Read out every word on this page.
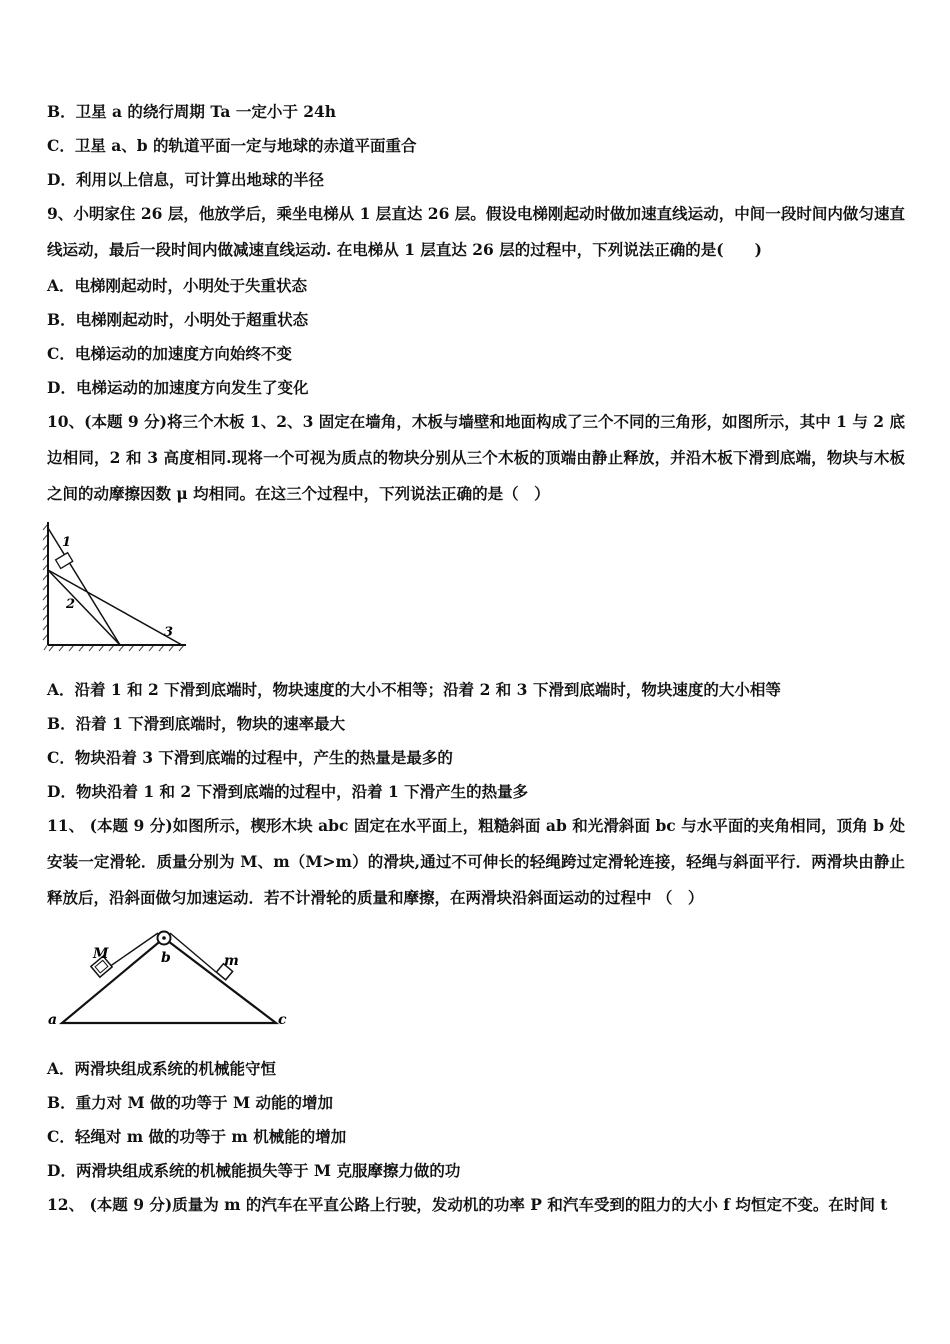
B．卫星 a 的绕行周期 Ta 一定小于 24h
C．卫星 a、b 的轨道平面一定与地球的赤道平面重合
D．利用以上信息，可计算出地球的半径
9、小明家住 26 层，他放学后，乘坐电梯从 1 层直达 26 层。假设电梯刚起动时做加速直线运动，中间一段时间内做匀速直线运动，最后一段时间内做减速直线运动. 在电梯从 1 层直达 26 层的过程中，下列说法正确的是(　　)
A．电梯刚起动时，小明处于失重状态
B．电梯刚起动时，小明处于超重状态
C．电梯运动的加速度方向始终不变
D．电梯运动的加速度方向发生了变化
10、(本题 9 分)将三个木板 1、2、3 固定在墙角，木板与墙壁和地面构成了三个不同的三角形，如图所示，其中 1 与 2 底边相同，2 和 3 高度相同.现将一个可视为质点的物块分别从三个木板的顶端由静止释放，并沿木板下滑到底端，物块与木板之间的动摩擦因数 μ 均相同。在这三个过程中，下列说法正确的是（　）
1
2
3
A．沿着 1 和 2 下滑到底端时，物块速度的大小不相等；沿着 2 和 3 下滑到底端时，物块速度的大小相等
B．沿着 1 下滑到底端时，物块的速率最大
C．物块沿着 3 下滑到底端的过程中，产生的热量是最多的
D．物块沿着 1 和 2 下滑到底端的过程中，沿着 1 下滑产生的热量多
11、 (本题 9 分)如图所示，楔形木块 abc 固定在水平面上，粗糙斜面 ab 和光滑斜面 bc 与水平面的夹角相同，顶角 b 处安装一定滑轮．质量分别为 M、m（M>m）的滑块,通过不可伸长的轻绳跨过定滑轮连接，轻绳与斜面平行．两滑块由静止释放后，沿斜面做匀加速运动．若不计滑轮的质量和摩擦，在两滑块沿斜面运动的过程中 （　）
M	m
a
b
c
A．两滑块组成系统的机械能守恒
B．重力对 M 做的功等于 M 动能的增加
C．轻绳对 m 做的功等于 m 机械能的增加
D．两滑块组成系统的机械能损失等于 M 克服摩擦力做的功
12、 (本题 9 分)质量为 m 的汽车在平直公路上行驶，发动机的功率 P 和汽车受到的阻力的大小 f 均恒定不变。在时间 t
